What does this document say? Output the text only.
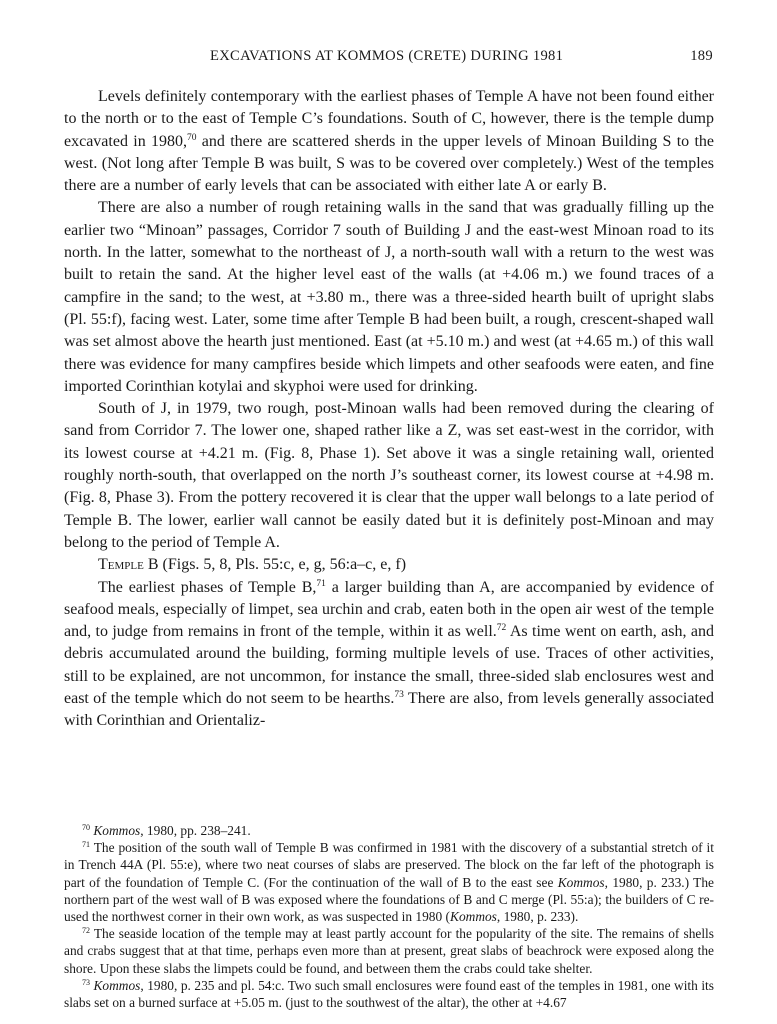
EXCAVATIONS AT KOMMOS (CRETE) DURING 1981	189

Levels definitely contemporary with the earliest phases of Temple A have not been found either to the north or to the east of Temple C’s foundations. South of C, however, there is the temple dump excavated in 1980,70 and there are scattered sherds in the upper levels of Minoan Building S to the west. (Not long after Temple B was built, S was to be covered over completely.) West of the temples there are a number of early levels that can be associated with either late A or early B.

There are also a number of rough retaining walls in the sand that was gradually filling up the earlier two “Minoan” passages, Corridor 7 south of Building J and the east-west Minoan road to its north. In the latter, somewhat to the northeast of J, a north-south wall with a return to the west was built to retain the sand. At the higher level east of the walls (at +4.06 m.) we found traces of a campfire in the sand; to the west, at +3.80 m., there was a three-sided hearth built of upright slabs (Pl. 55:f), facing west. Later, some time after Temple B had been built, a rough, crescent-shaped wall was set almost above the hearth just mentioned. East (at +5.10 m.) and west (at +4.65 m.) of this wall there was evidence for many campfires beside which limpets and other seafoods were eaten, and fine imported Corinthian kotylai and skyphoi were used for drinking.

South of J, in 1979, two rough, post-Minoan walls had been removed during the clearing of sand from Corridor 7. The lower one, shaped rather like a Z, was set east-west in the corridor, with its lowest course at +4.21 m. (Fig. 8, Phase 1). Set above it was a single retaining wall, oriented roughly north-south, that overlapped on the north J’s southeast corner, its lowest course at +4.98 m. (Fig. 8, Phase 3). From the pottery recovered it is clear that the upper wall belongs to a late period of Temple B. The lower, earlier wall cannot be easily dated but it is definitely post-Minoan and may belong to the period of Temple A.

Temple B (Figs. 5, 8, Pls. 55:c, e, g, 56:a–c, e, f)

The earliest phases of Temple B,$^{71}$ a larger building than A, are accompanied by evidence of seafood meals, especially of limpet, sea urchin and crab, eaten both in the open air west of the temple and, to judge from remains in front of the temple, within it as well.$^{72}$ As time went on earth, ash, and debris accumulated around the building, forming multiple levels of use. Traces of other activities, still to be explained, are not uncommon, for instance the small, three-sided slab enclosures west and east of the temple which do not seem to be hearths.$^{73}$ There are also, from levels generally associated with Corinthian and Orientaliz-

$^{70}$ Kommos, 1980, pp. 238–241.

$^{71}$ The position of the south wall of Temple B was confirmed in 1981 with the discovery of a substantial stretch of it in Trench 44A (Pl. 55:e), where two neat courses of slabs are preserved. The block on the far left of the photograph is part of the foundation of Temple C. (For the continuation of the wall of B to the east see Kommos, 1980, p. 233.) The northern part of the west wall of B was exposed where the foundations of B and C merge (Pl. 55:a); the builders of C re-used the northwest corner in their own work, as was suspected in 1980 (Kommos, 1980, p. 233).

$^{72}$ The seaside location of the temple may at least partly account for the popularity of the site. The remains of shells and crabs suggest that at that time, perhaps even more than at present, great slabs of beachrock were exposed along the shore. Upon these slabs the limpets could be found, and between them the crabs could take shelter.

$^{73}$ Kommos, 1980, p. 235 and pl. 54:c. Two such small enclosures were found east of the temples in 1981, one with its slabs set on a burned surface at +5.05 m. (just to the southwest of the altar), the other at +4.67
